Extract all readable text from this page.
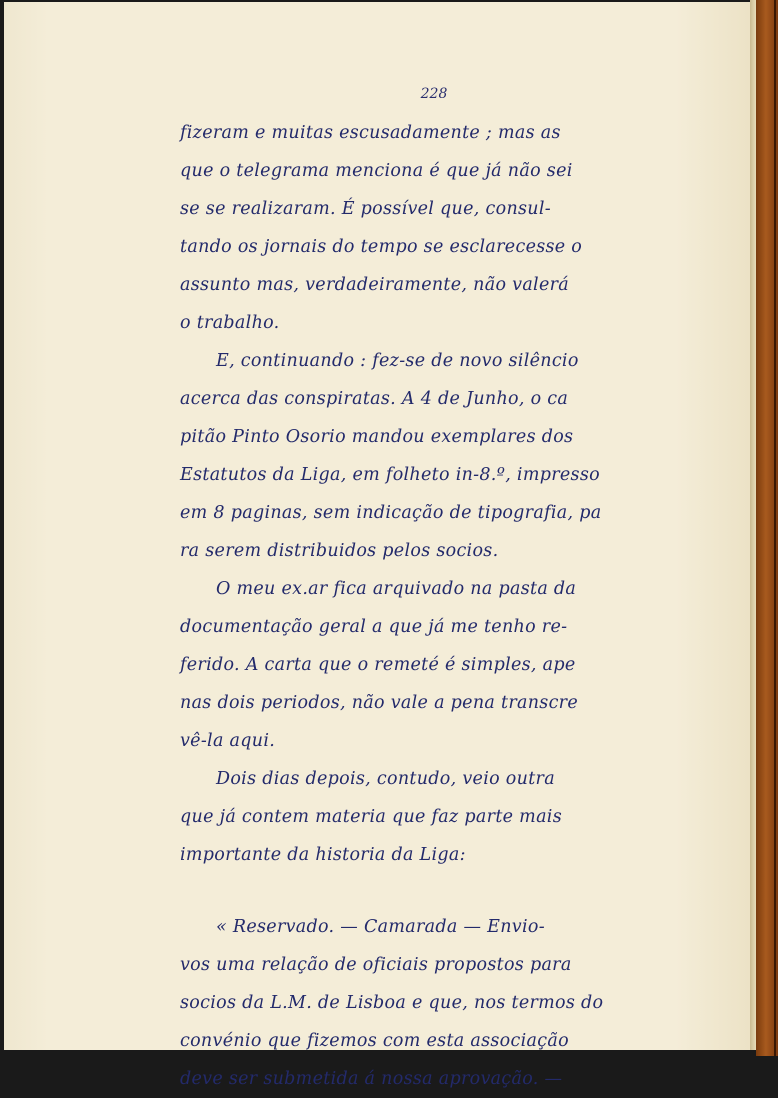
228
fizeram e muitas escusadamente ; mas as
que o telegrama menciona é que já não sei
se se realizaram. É possível que, consul-
tando os jornais do tempo se esclarecesse o
assunto mas, verdadeiramente, não valerá
o trabalho.
E, continuando : fez-se de novo silêncio
acerca das conspiratas. A 4 de Junho, o ca
pitão Pinto Osorio mandou exemplares dos
Estatutos da Liga, em folheto in-8.º, impresso
em 8 paginas, sem indicação de tipografia, pa
ra serem distribuidos pelos socios.
O meu ex.ar fica arquivado na pasta da
documentação geral a que já me tenho re-
ferido. A carta que o remeté é simples, ape
nas dois periodos, não vale a pena transcre
vê-la aqui.
Dois dias depois, contudo, veio outra
que já contem materia que faz parte mais
importante da historia da Liga:
« Reservado. — Camarada — Envio-
vos uma relação de oficiais propostos para
socios da L.M. de Lisboa e que, nos termos do
convénio que fizemos com esta associação
deve ser submetida á nossa aprovação. —
